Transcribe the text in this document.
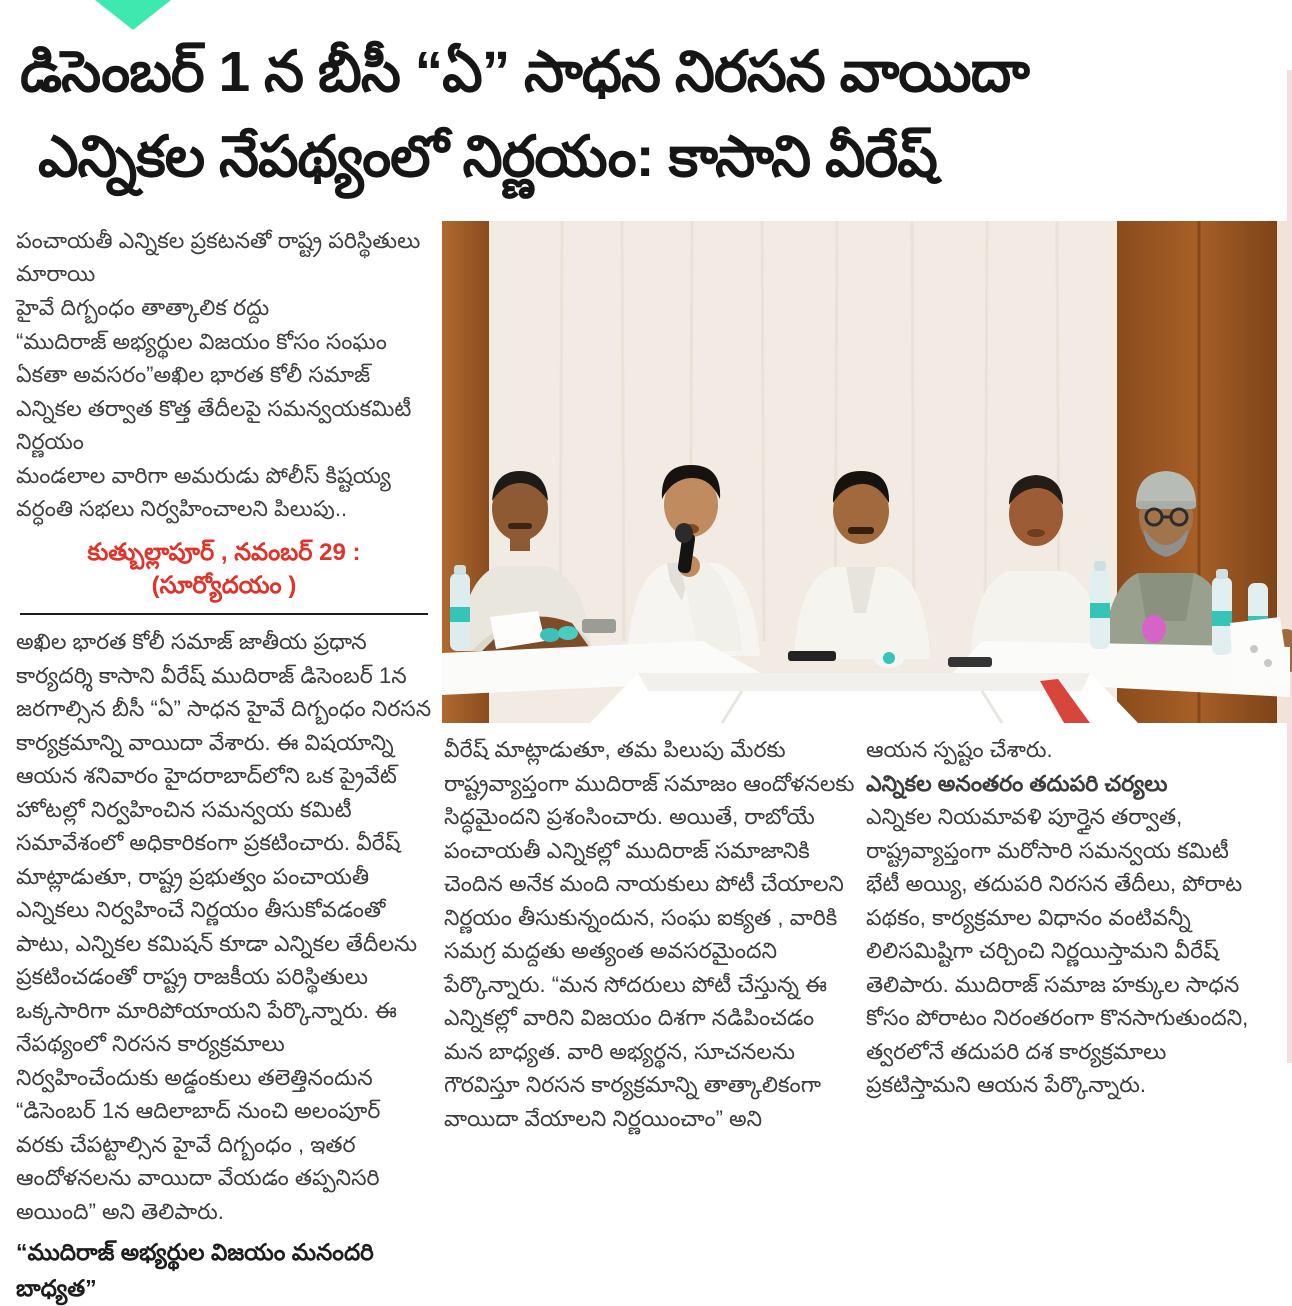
డిసెంబర్ 1 న బీసీ “ఏ” సాధన నిరసన వాయిదా
ఎన్నికల నేపథ్యంలో నిర్ణయం: కాసాని వీరేష్

పంచాయతీ ఎన్నికల ప్రకటనతో రాష్ట్ర పరిస్థితులు మారాయి

హైవే దిగ్బంధం తాత్కాలిక రద్దు

“ముదిరాజ్ అభ్యర్థుల విజయం కోసం సంఘం ఏకతా అవసరం”అఖిల భారత కోలీ సమాజ్

ఎన్నికల తర్వాత కొత్త తేదీలపై సమన్వయకమిటీ నిర్ణయం

మండలాల వారిగా అమరుడు పోలీస్ కిష్టయ్య వర్ధంతి సభలు నిర్వహించాలని పిలుపు..

కుత్బుల్లాపూర్ , నవంబర్ 29 : (సూర్యోదయం )

అఖిల భారత కోలీ సమాజ్ జాతీయ ప్రధాన కార్యదర్శి కాసాని వీరేష్ ముదిరాజ్ డిసెంబర్ 1న జరగాల్సిన బీసీ “ఏ” సాధన హైవే దిగ్బంధం నిరసన కార్యక్రమాన్ని వాయిదా వేశారు. ఈ విషయాన్ని ఆయన శనివారం హైదరాబాద్‌లోని ఒక ప్రైవేట్ హోటల్లో నిర్వహించిన సమన్వయ కమిటీ సమావేశంలో అధికారికంగా ప్రకటించారు. వీరేష్ మాట్లాడుతూ, రాష్ట్ర ప్రభుత్వం పంచాయతీ ఎన్నికలు నిర్వహించే నిర్ణయం తీసుకోవడంతో పాటు, ఎన్నికల కమిషన్ కూడా ఎన్నికల తేదీలను ప్రకటించడంతో రాష్ట్ర రాజకీయ పరిస్థితులు ఒక్కసారిగా మారిపోయాయని పేర్కొన్నారు. ఈ నేపథ్యంలో నిరసన కార్యక్రమాలు నిర్వహించేందుకు అడ్డంకులు తలెత్తినందున “డిసెంబర్ 1న ఆదిలాబాద్ నుంచి అలంపూర్ వరకు చేపట్టాల్సిన హైవే దిగ్బంధం , ఇతర ఆందోళనలను వాయిదా వేయడం తప్పనిసరి అయింది” అని తెలిపారు.

“ముదిరాజ్ అభ్యర్థుల విజయం మనందరి బాధ్యత”

వీరేష్ మాట్లాడుతూ, తమ పిలుపు మేరకు రాష్ట్రవ్యాప్తంగా ముదిరాజ్ సమాజం ఆందోళనలకు సిద్ధమైందని ప్రశంసించారు. అయితే, రాబోయే పంచాయతీ ఎన్నికల్లో ముదిరాజ్ సమాజానికి చెందిన అనేక మంది నాయకులు పోటీ చేయాలని నిర్ణయం తీసుకున్నందున, సంఘ ఐక్యత , వారికి సమగ్ర మద్దతు అత్యంత అవసరమైందని పేర్కొన్నారు. “మన సోదరులు పోటీ చేస్తున్న ఈ ఎన్నికల్లో వారిని విజయం దిశగా నడిపించడం మన బాధ్యత. వారి అభ్యర్థన, సూచనలను గౌరవిస్తూ నిరసన కార్యక్రమాన్ని తాత్కాలికంగా వాయిదా వేయాలని నిర్ణయించాం” అని

ఆయన స్పష్టం చేశారు.

ఎన్నికల అనంతరం తదుపరి చర్యలు

ఎన్నికల నియమావళి పూర్తైన తర్వాత, రాష్ట్రవ్యాప్తంగా మరోసారి సమన్వయ కమిటీ భేటీ అయ్యి, తదుపరి నిరసన తేదీలు, పోరాట పథకం, కార్యక్రమాల విధానం వంటివన్నీ లిలిసమిష్టిగా చర్చించి నిర్ణయిస్తామని వీరేష్ తెలిపారు. ముదిరాజ్ సమాజ హక్కుల సాధన కోసం పోరాటం నిరంతరంగా కొనసాగుతుందని, త్వరలోనే తదుపరి దశ కార్యక్రమాలు ప్రకటిస్తామని ఆయన పేర్కొన్నారు.
